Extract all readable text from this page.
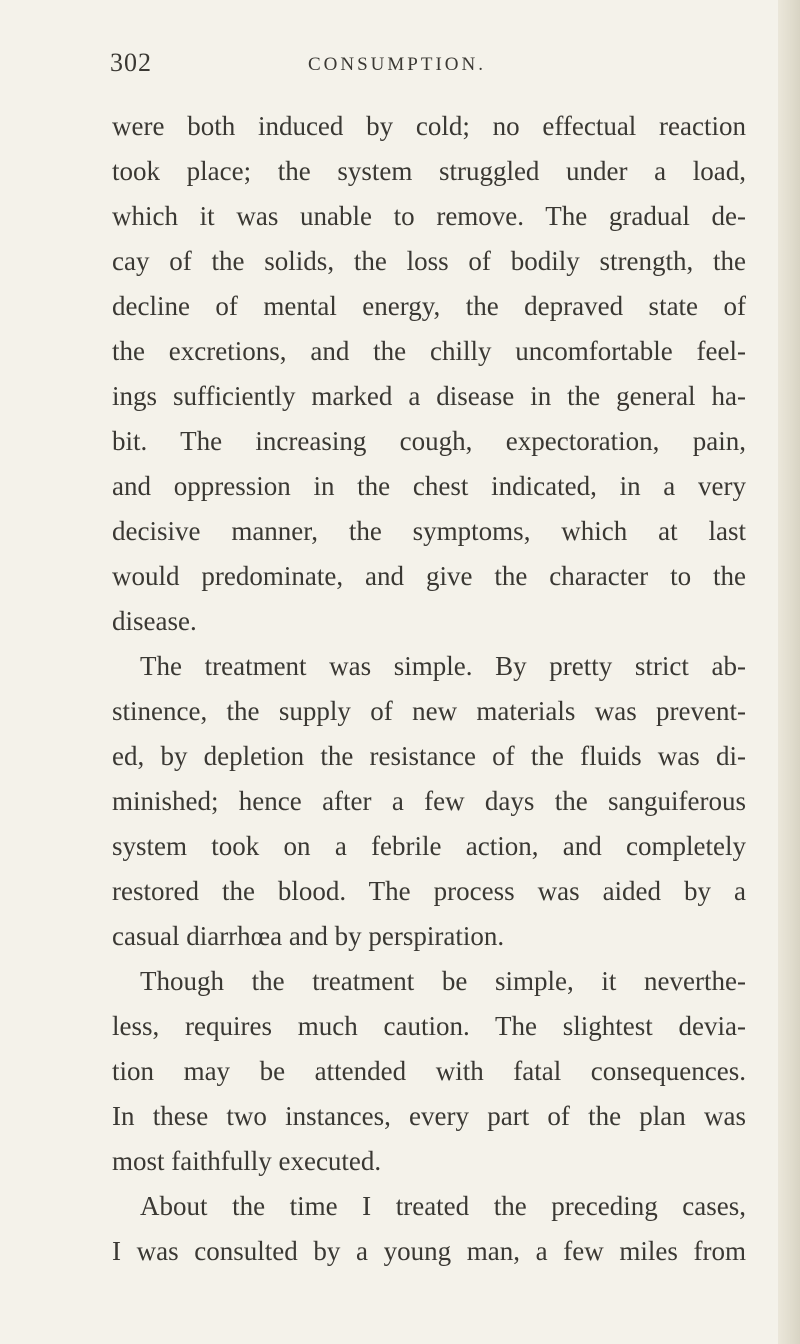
302	CONSUMPTION.
were both induced by cold; no effectual reaction
took place; the system struggled under a load,
which it was unable to remove. The gradual de-
cay of the solids, the loss of bodily strength, the
decline of mental energy, the depraved state of
the excretions, and the chilly uncomfortable feel-
ings sufficiently marked a disease in the general ha-
bit. The increasing cough, expectoration, pain,
and oppression in the chest indicated, in a very
decisive manner, the symptoms, which at last
would predominate, and give the character to the
disease.
The treatment was simple. By pretty strict ab-
stinence, the supply of new materials was prevent-
ed, by depletion the resistance of the fluids was di-
minished; hence after a few days the sanguiferous
system took on a febrile action, and completely
restored the blood. The process was aided by a
casual diarrhœa and by perspiration.
Though the treatment be simple, it neverthe-
less, requires much caution. The slightest devia-
tion may be attended with fatal consequences.
In these two instances, every part of the plan was
most faithfully executed.
About the time I treated the preceding cases,
I was consulted by a young man, a few miles from
